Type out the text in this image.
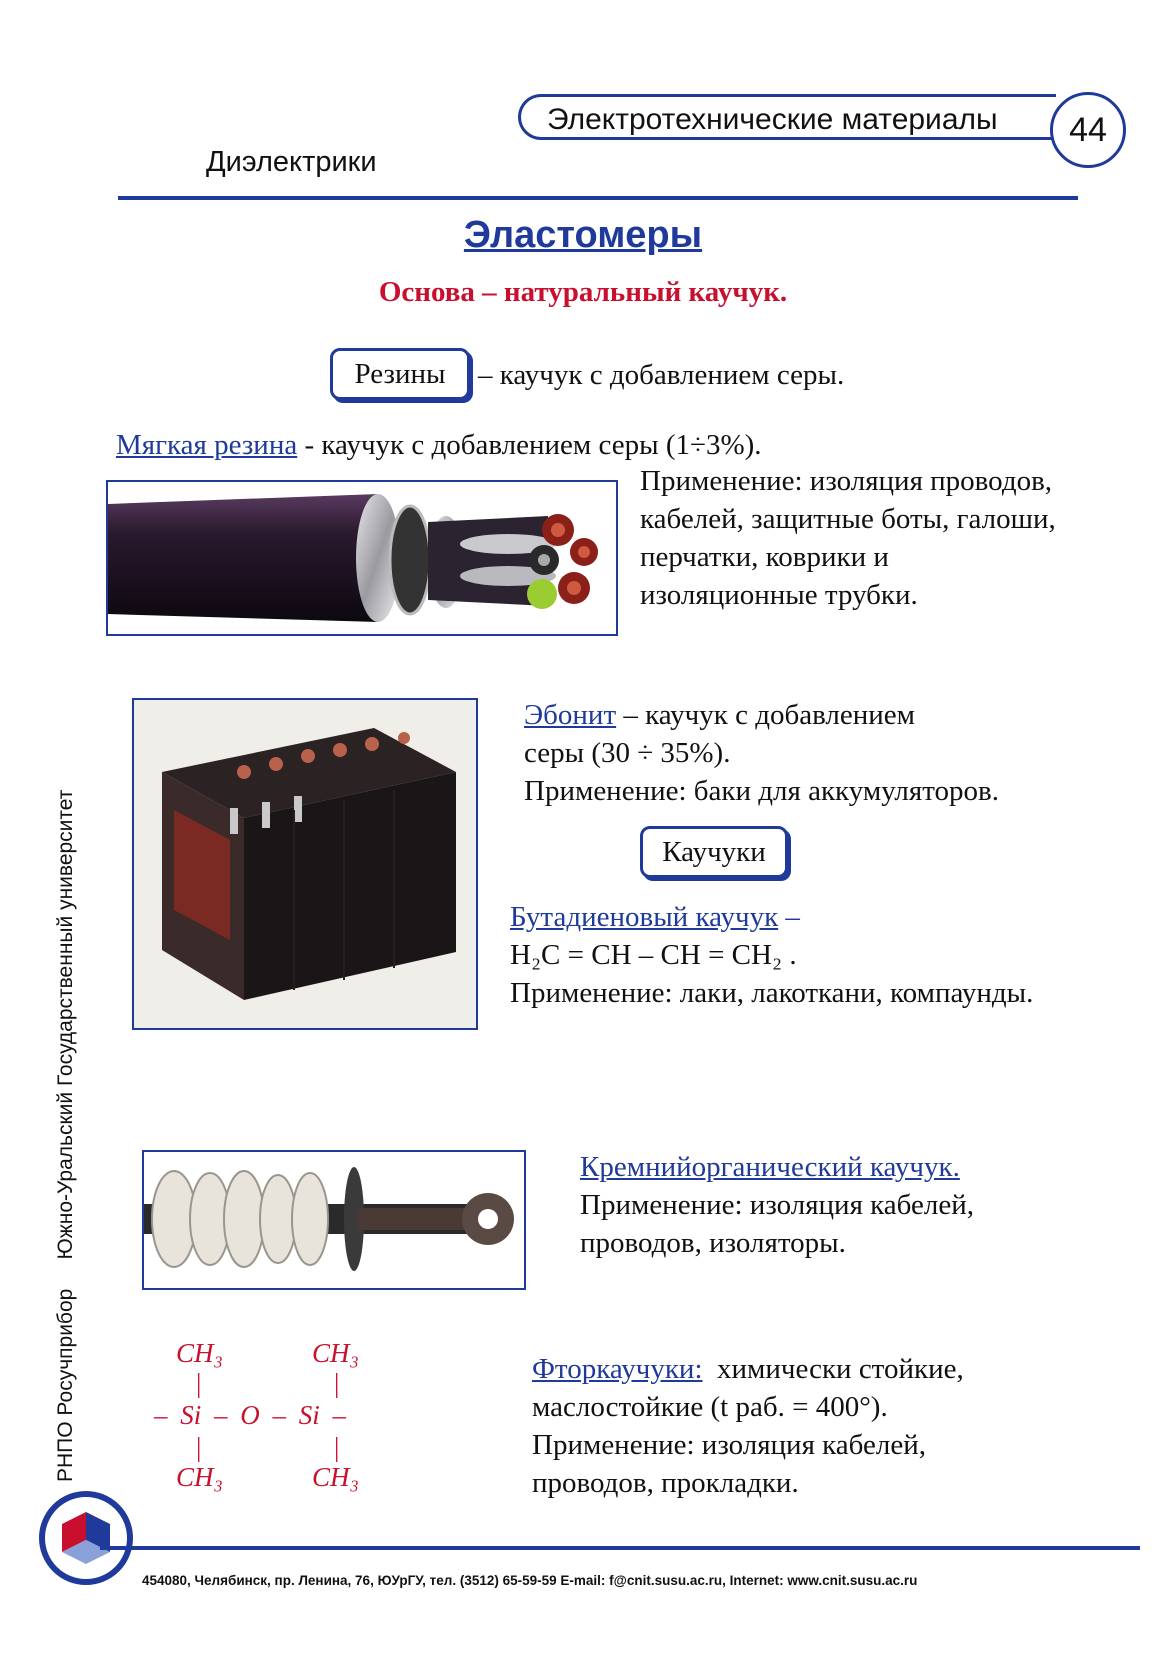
Электротехнические материалы	44
Диэлектрики
Эластомеры
Основа – натуральный каучук.
Резины	– каучук с добавлением серы.
Мягкая резина - каучук с добавлением серы (1÷3%).
Применение: изоляция проводов,
кабелей, защитные боты, галоши,
перчатки, коврики и
изоляционные трубки.
Эбонит – каучук с добавлением
серы (30 ÷ 35%).
Применение: баки для аккумуляторов.
Каучуки
Бутадиеновый каучук –
H₂C = CH – CH = CH₂ .
Применение: лаки, лакоткани, компаунды.
Кремнийорганический каучук.
Применение: изоляция кабелей,
проводов, изоляторы.
CH₃	CH₃
|	|
– Si – O – Si –
|	|
CH₃	CH₃
Фторкаучуки:  химически стойкие,
маслостойкие (t раб. = 400°).
Применение: изоляция кабелей,
проводов, прокладки.
РНПО Росучприбор     Южно-Уральский Государственный университет
454080, Челябинск, пр. Ленина, 76, ЮУрГУ, тел. (3512) 65-59-59 E-mail: f@cnit.susu.ac.ru, Internet: www.cnit.susu.ac.ru
